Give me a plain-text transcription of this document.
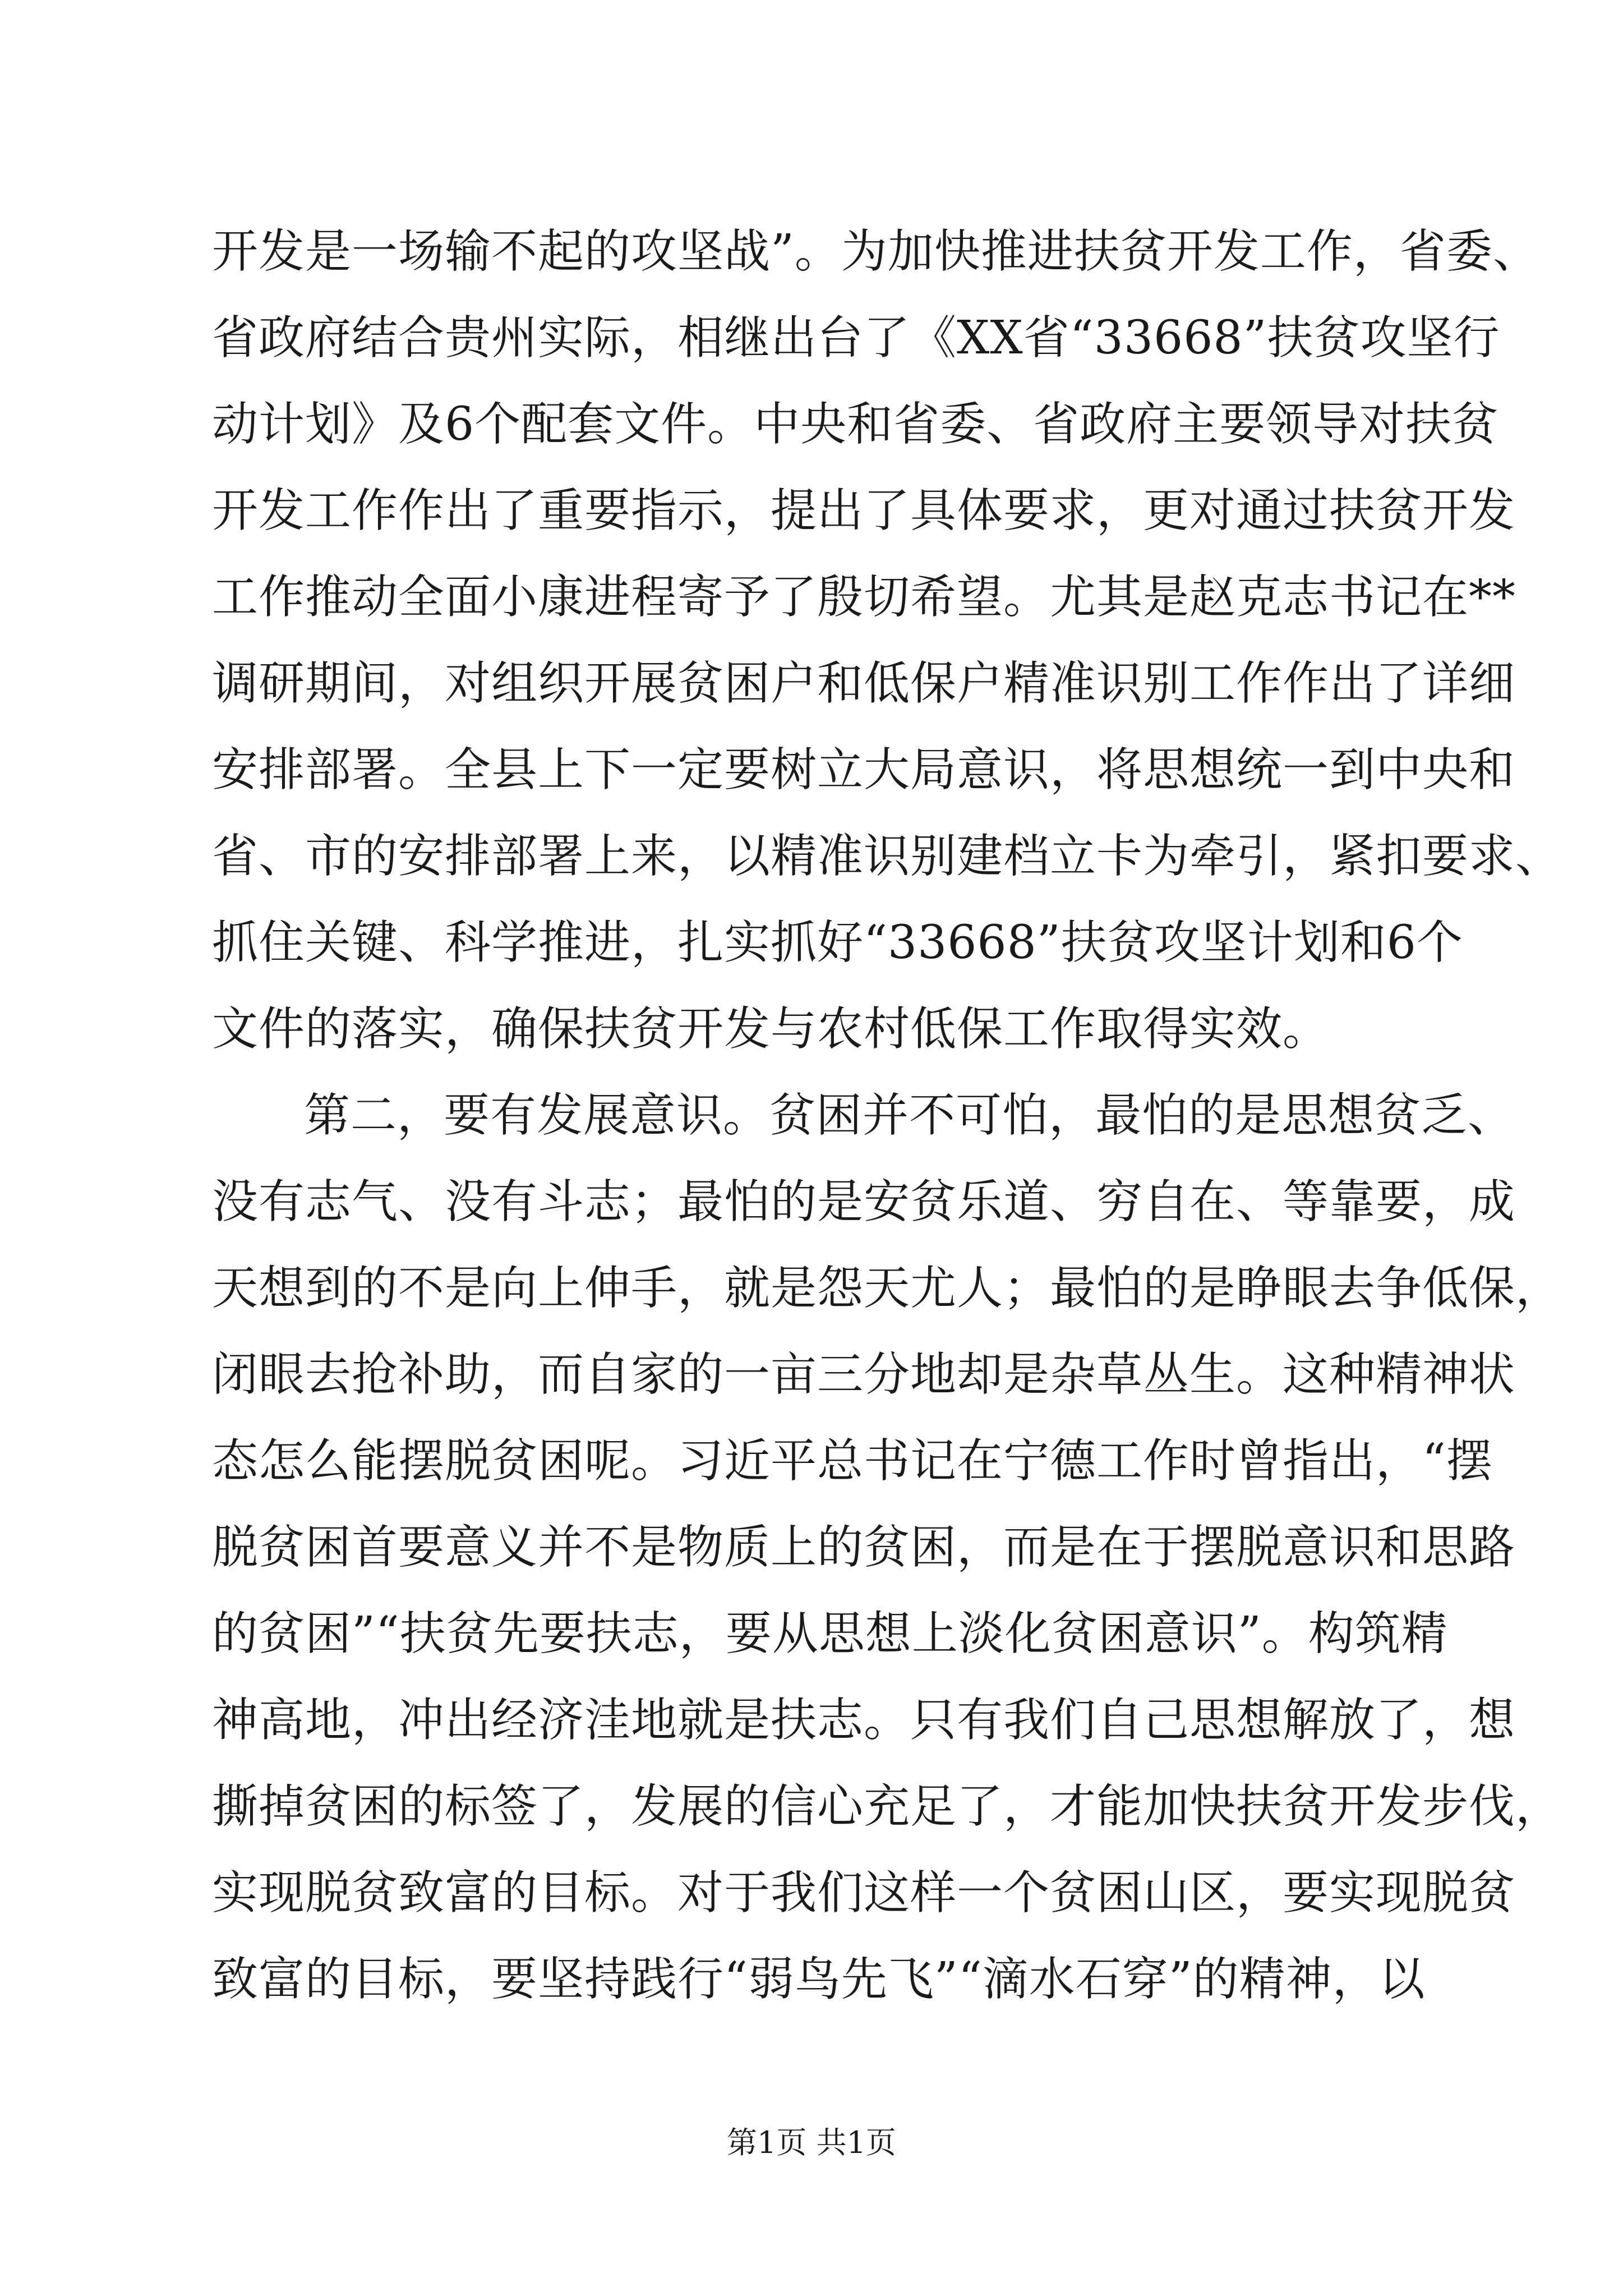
开发是一场输不起的攻坚战”。为加快推进扶贫开发工作，省委、
省政府结合贵州实际，相继出台了《XX省“33668”扶贫攻坚行
动计划》及6个配套文件。中央和省委、省政府主要领导对扶贫
开发工作作出了重要指示，提出了具体要求，更对通过扶贫开发
工作推动全面小康进程寄予了殷切希望。尤其是赵克志书记在**
调研期间，对组织开展贫困户和低保户精准识别工作作出了详细
安排部署。全县上下一定要树立大局意识，将思想统一到中央和
省、市的安排部署上来，以精准识别建档立卡为牵引，紧扣要求、
抓住关键、科学推进，扎实抓好“33668”扶贫攻坚计划和6个
文件的落实，确保扶贫开发与农村低保工作取得实效。
第二，要有发展意识。贫困并不可怕，最怕的是思想贫乏、
没有志气、没有斗志；最怕的是安贫乐道、穷自在、等靠要，成
天想到的不是向上伸手，就是怨天尤人；最怕的是睁眼去争低保，
闭眼去抢补助，而自家的一亩三分地却是杂草丛生。这种精神状
态怎么能摆脱贫困呢。习近平总书记在宁德工作时曾指出，“摆
脱贫困首要意义并不是物质上的贫困，而是在于摆脱意识和思路
的贫困”“扶贫先要扶志，要从思想上淡化贫困意识”。构筑精
神高地，冲出经济洼地就是扶志。只有我们自己思想解放了，想
撕掉贫困的标签了，发展的信心充足了，才能加快扶贫开发步伐，
实现脱贫致富的目标。对于我们这样一个贫困山区，要实现脱贫
致富的目标，要坚持践行“弱鸟先飞”“滴水石穿”的精神，以
第1页 共1页
